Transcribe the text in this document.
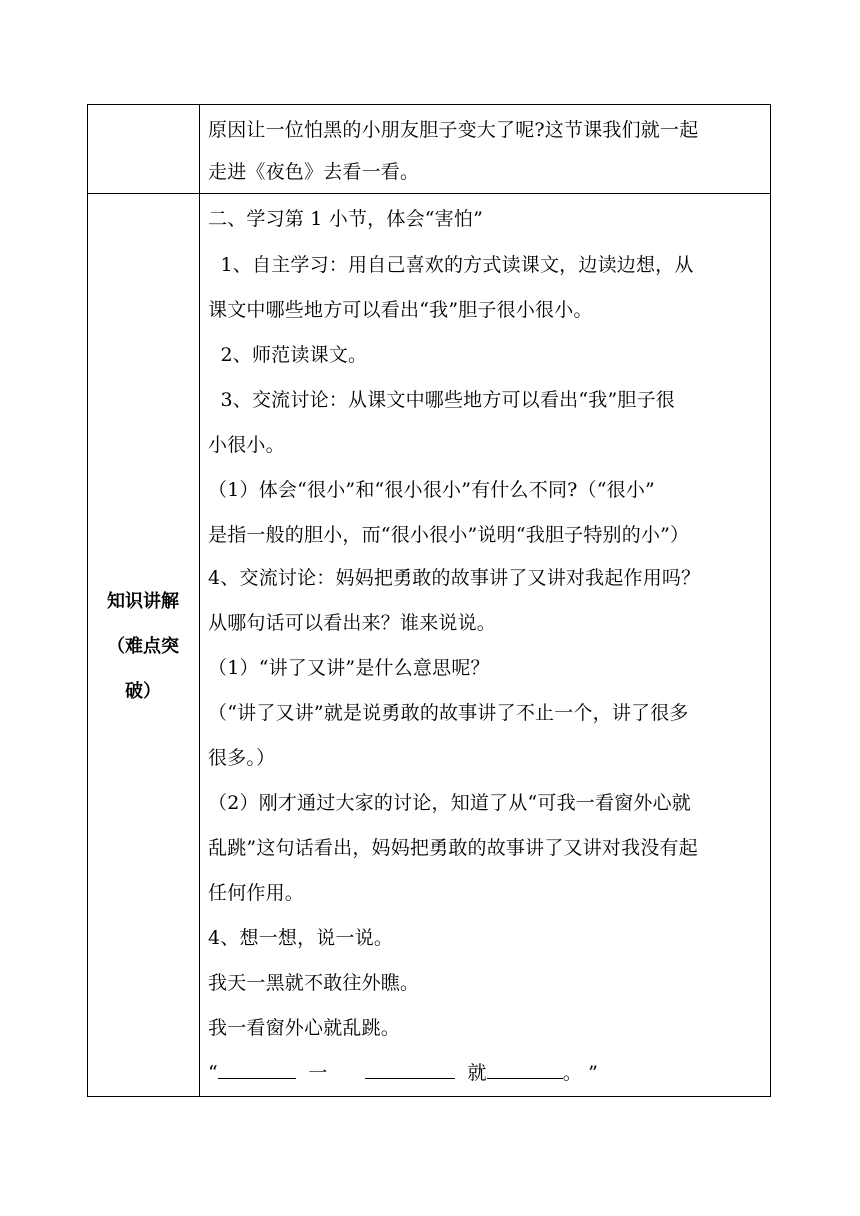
原因让一位怕黑的小朋友胆子变大了呢?这节课我们就一起
走进《夜色》去看一看。
知识讲解
（难点突
破）
二、学习第 1 小节，体会“害怕”
1、自主学习：用自己喜欢的方式读课文，边读边想，从
课文中哪些地方可以看出“我”胆子很小很小。
2、师范读课文。
3、交流讨论：从课文中哪些地方可以看出“我”胆子很
小很小。
（1）体会“很小”和“很小很小”有什么不同?（“很小”
是指一般的胆小，而“很小很小”说明“我胆子特别的小”）
4、交流讨论：妈妈把勇敢的故事讲了又讲对我起作用吗？
从哪句话可以看出来？谁来说说。
（1）“讲了又讲”是什么意思呢？
（“讲了又讲”就是说勇敢的故事讲了不止一个，讲了很多
很多。）
（2）刚才通过大家的讨论，知道了从“可我一看窗外心就
乱跳”这句话看出，妈妈把勇敢的故事讲了又讲对我没有起
任何作用。
4、想一想，说一说。
我天一黑就不敢往外瞧。
我一看窗外心就乱跳。
“	一	就	。 ”
